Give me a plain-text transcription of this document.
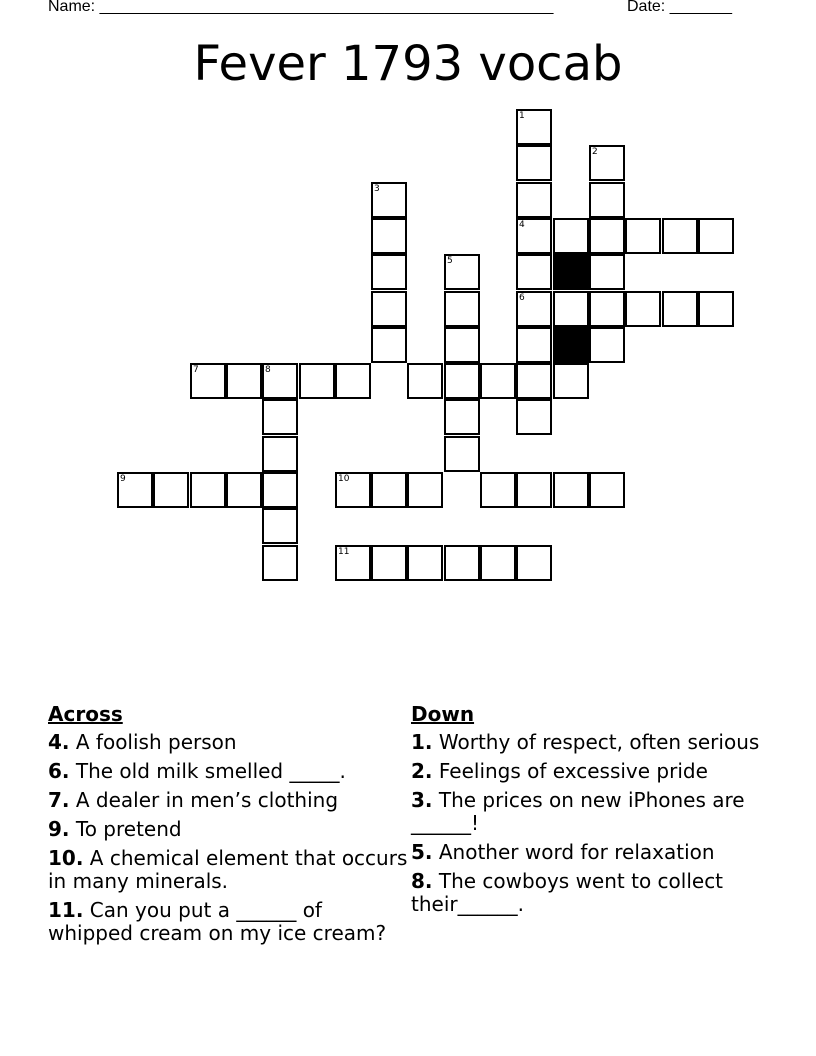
Name: ___________________________________________________	Date: _______
Fever 1793 vocab
1
4
6
2
3
5
7	8
9	10
11
Across
4. A foolish person
6. The old milk smelled _____.
7. A dealer in men’s clothing
9. To pretend
10. A chemical element that occurs in many minerals.
11. Can you put a ______ of whipped cream on my ice cream?
Down
1. Worthy of respect, often serious
2. Feelings of excessive pride
3. The prices on new iPhones are ______!
5. Another word for relaxation
8. The cowboys went to collect their______.
